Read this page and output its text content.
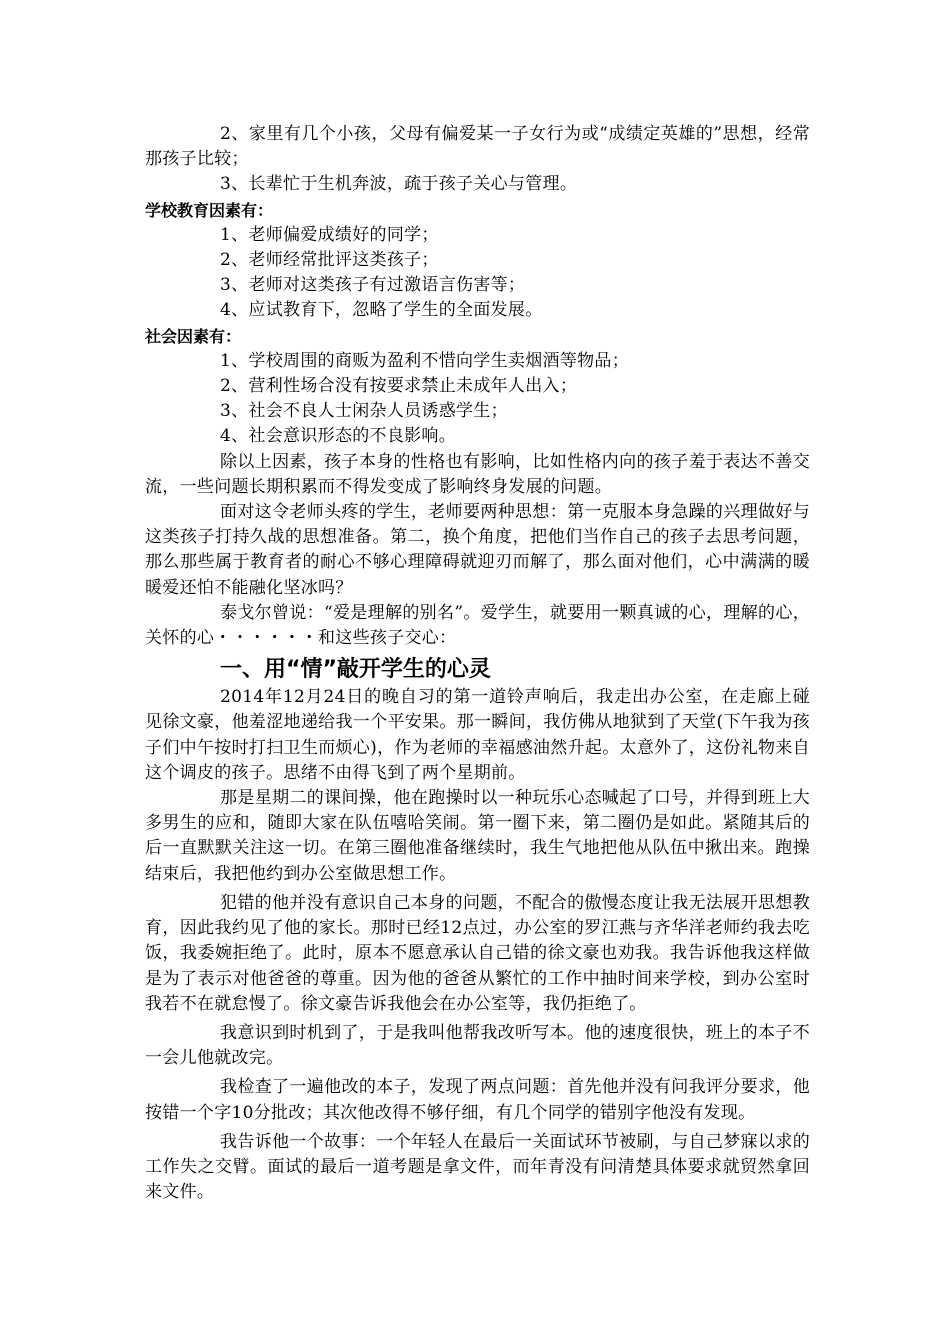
2、家里有几个小孩，父母有偏爱某一子女行为或“成绩定英雄的”思想，经常那孩子比较；

3、长辈忙于生机奔波，疏于孩子关心与管理。

学校教育因素有：

1、老师偏爱成绩好的同学；

2、老师经常批评这类孩子；

3、老师对这类孩子有过激语言伤害等；

4、应试教育下，忽略了学生的全面发展。

社会因素有：

1、学校周围的商贩为盈利不惜向学生卖烟酒等物品；

2、营利性场合没有按要求禁止未成年人出入；

3、社会不良人士闲杂人员诱惑学生；

4、社会意识形态的不良影响。

除以上因素，孩子本身的性格也有影响，比如性格内向的孩子羞于表达不善交流，一些问题长期积累而不得发变成了影响终身发展的问题。

面对这令老师头疼的学生，老师要两种思想：第一克服本身急躁的兴理做好与这类孩子打持久战的思想准备。第二，换个角度，把他们当作自己的孩子去思考问题，那么那些属于教育者的耐心不够心理障碍就迎刃而解了，那么面对他们，心中满满的暖暖爱还怕不能融化坚冰吗？

泰戈尔曾说：“爱是理解的别名”。爱学生，就要用一颗真诚的心，理解的心，关怀的心・・・・・・和这些孩子交心：

一、用“情”敲开学生的心灵

2014年12月24日的晚自习的第一道铃声响后，我走出办公室，在走廊上碰见徐文豪，他羞涩地递给我一个平安果。那一瞬间，我仿佛从地狱到了天堂(下午我为孩子们中午按时打扫卫生而烦心)，作为老师的幸福感油然升起。太意外了，这份礼物来自这个调皮的孩子。思绪不由得飞到了两个星期前。

那是星期二的课间操，他在跑操时以一种玩乐心态喊起了口号，并得到班上大多男生的应和，随即大家在队伍嘻哈笑闹。第一圈下来，第二圈仍是如此。紧随其后的后一直默默关注这一切。在第三圈他准备继续时，我生气地把他从队伍中揪出来。跑操结束后，我把他约到办公室做思想工作。

犯错的他并没有意识自己本身的问题，不配合的傲慢态度让我无法展开思想教育，因此我约见了他的家长。那时已经12点过，办公室的罗江燕与齐华洋老师约我去吃饭，我委婉拒绝了。此时，原本不愿意承认自己错的徐文豪也劝我。我告诉他我这样做是为了表示对他爸爸的尊重。因为他的爸爸从繁忙的工作中抽时间来学校，到办公室时我若不在就怠慢了。徐文豪告诉我他会在办公室等，我仍拒绝了。

我意识到时机到了，于是我叫他帮我改听写本。他的速度很快，班上的本子不一会儿他就改完。

我检查了一遍他改的本子，发现了两点问题：首先他并没有问我评分要求，他按错一个字10分批改；其次他改得不够仔细，有几个同学的错别字他没有发现。

我告诉他一个故事：一个年轻人在最后一关面试环节被刷，与自己梦寐以求的工作失之交臂。面试的最后一道考题是拿文件，而年青没有问清楚具体要求就贸然拿回来文件。
